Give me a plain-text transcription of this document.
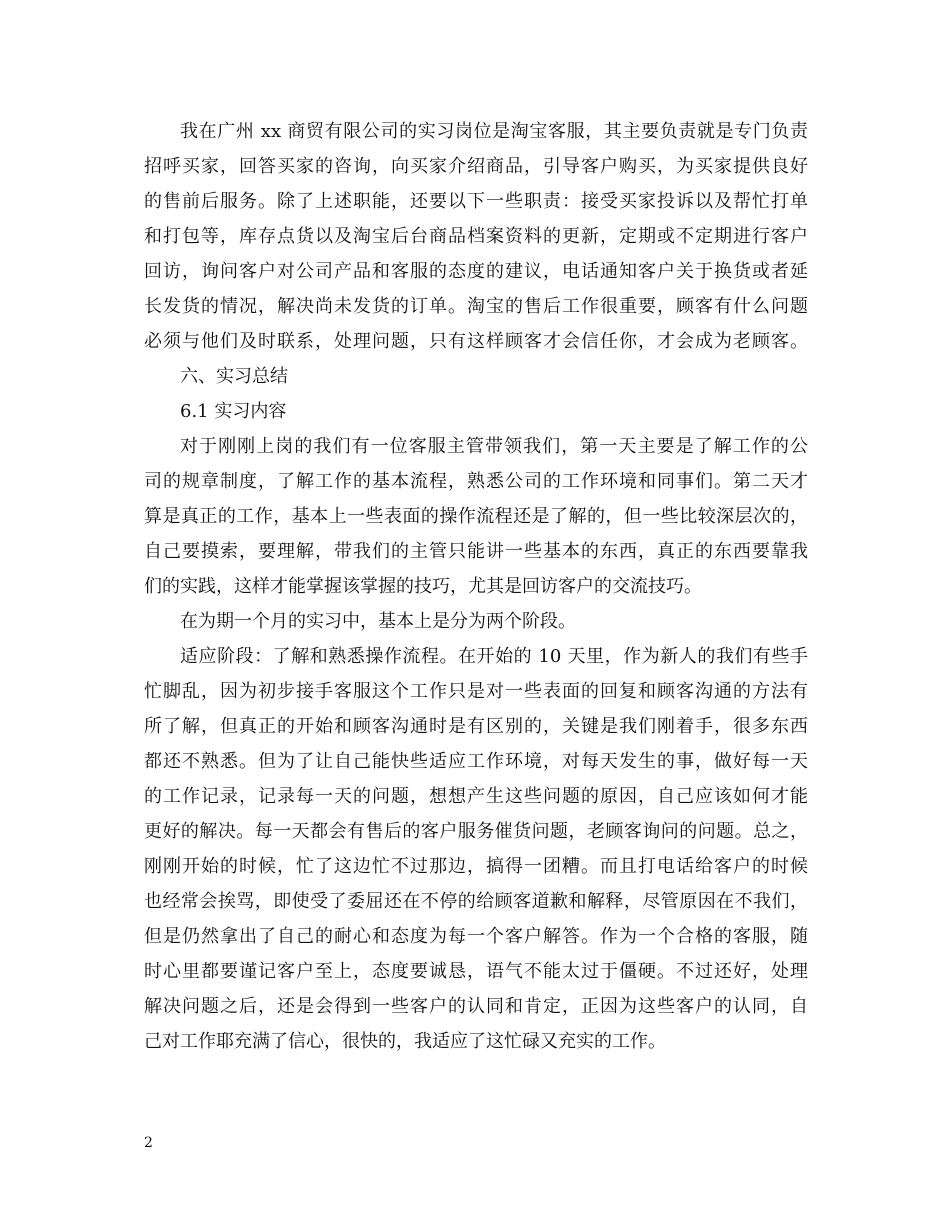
我在广州 xx 商贸有限公司的实习岗位是淘宝客服，其主要负责就是专门负责
招呼买家，回答买家的咨询，向买家介绍商品，引导客户购买，为买家提供良好
的售前后服务。除了上述职能，还要以下一些职责：接受买家投诉以及帮忙打单
和打包等，库存点货以及淘宝后台商品档案资料的更新，定期或不定期进行客户
回访，询问客户对公司产品和客服的态度的建议，电话通知客户关于换货或者延
长发货的情况，解决尚未发货的订单。淘宝的售后工作很重要，顾客有什么问题
必须与他们及时联系，处理问题，只有这样顾客才会信任你，才会成为老顾客。
六、实习总结
6.1 实习内容
对于刚刚上岗的我们有一位客服主管带领我们，第一天主要是了解工作的公
司的规章制度，了解工作的基本流程，熟悉公司的工作环境和同事们。第二天才
算是真正的工作，基本上一些表面的操作流程还是了解的，但一些比较深层次的，
自己要摸索，要理解，带我们的主管只能讲一些基本的东西，真正的东西要靠我
们的实践，这样才能掌握该掌握的技巧，尤其是回访客户的交流技巧。
在为期一个月的实习中，基本上是分为两个阶段。
适应阶段：了解和熟悉操作流程。在开始的 10 天里，作为新人的我们有些手
忙脚乱，因为初步接手客服这个工作只是对一些表面的回复和顾客沟通的方法有
所了解，但真正的开始和顾客沟通时是有区别的，关键是我们刚着手，很多东西
都还不熟悉。但为了让自己能快些适应工作环境，对每天发生的事，做好每一天
的工作记录，记录每一天的问题，想想产生这些问题的原因，自己应该如何才能
更好的解决。每一天都会有售后的客户服务催货问题，老顾客询问的问题。总之，
刚刚开始的时候，忙了这边忙不过那边，搞得一团糟。而且打电话给客户的时候
也经常会挨骂，即使受了委屈还在不停的给顾客道歉和解释，尽管原因在不我们，
但是仍然拿出了自己的耐心和态度为每一个客户解答。作为一个合格的客服，随
时心里都要谨记客户至上，态度要诚恳，语气不能太过于僵硬。不过还好，处理
解决问题之后，还是会得到一些客户的认同和肯定，正因为这些客户的认同，自
己对工作耶充满了信心，很快的，我适应了这忙碌又充实的工作。
2
